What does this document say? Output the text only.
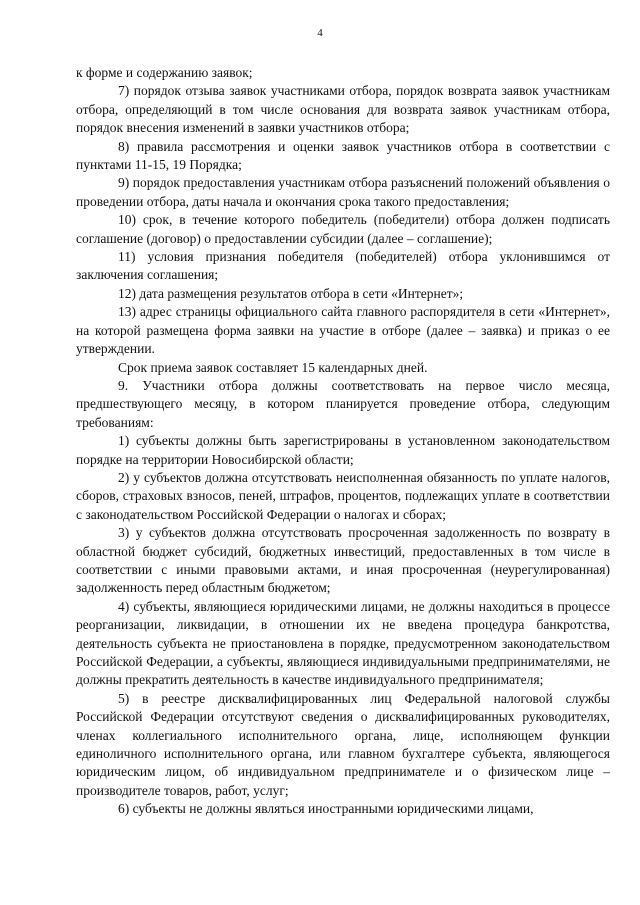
4

к форме и содержанию заявок;

7) порядок отзыва заявок участниками отбора, порядок возврата заявок участникам отбора, определяющий в том числе основания для возврата заявок участникам отбора, порядок внесения изменений в заявки участников отбора;

8) правила рассмотрения и оценки заявок участников отбора в соответствии с пунктами 11-15, 19 Порядка;

9) порядок предоставления участникам отбора разъяснений положений объявления о проведении отбора, даты начала и окончания срока такого предоставления;

10) срок, в течение которого победитель (победители) отбора должен подписать соглашение (договор) о предоставлении субсидии (далее – соглашение);

11) условия признания победителя (победителей) отбора уклонившимся от заключения соглашения;

12) дата размещения результатов отбора в сети «Интернет»;

13) адрес страницы официального сайта главного распорядителя в сети «Интернет», на которой размещена форма заявки на участие в отборе (далее – заявка) и приказ о ее утверждении.

Срок приема заявок составляет 15 календарных дней.

9. Участники отбора должны соответствовать на первое число месяца, предшествующего месяцу, в котором планируется проведение отбора, следующим требованиям:

1) субъекты должны быть зарегистрированы в установленном законодательством порядке на территории Новосибирской области;

2) у субъектов должна отсутствовать неисполненная обязанность по уплате налогов, сборов, страховых взносов, пеней, штрафов, процентов, подлежащих уплате в соответствии с законодательством Российской Федерации о налогах и сборах;

3) у субъектов должна отсутствовать просроченная задолженность по возврату в областной бюджет субсидий, бюджетных инвестиций, предоставленных в том числе в соответствии с иными правовыми актами, и иная просроченная (неурегулированная) задолженность перед областным бюджетом;

4) субъекты, являющиеся юридическими лицами, не должны находиться в процессе реорганизации, ликвидации, в отношении их не введена процедура банкротства, деятельность субъекта не приостановлена в порядке, предусмотренном законодательством Российской Федерации, а субъекты, являющиеся индивидуальными предпринимателями, не должны прекратить деятельность в качестве индивидуального предпринимателя;

5) в реестре дисквалифицированных лиц Федеральной налоговой службы Российской Федерации отсутствуют сведения о дисквалифицированных руководителях, членах коллегиального исполнительного органа, лице, исполняющем функции единоличного исполнительного органа, или главном бухгалтере субъекта, являющегося юридическим лицом, об индивидуальном предпринимателе и о физическом лице – производителе товаров, работ, услуг;

6) субъекты не должны являться иностранными юридическими лицами,
